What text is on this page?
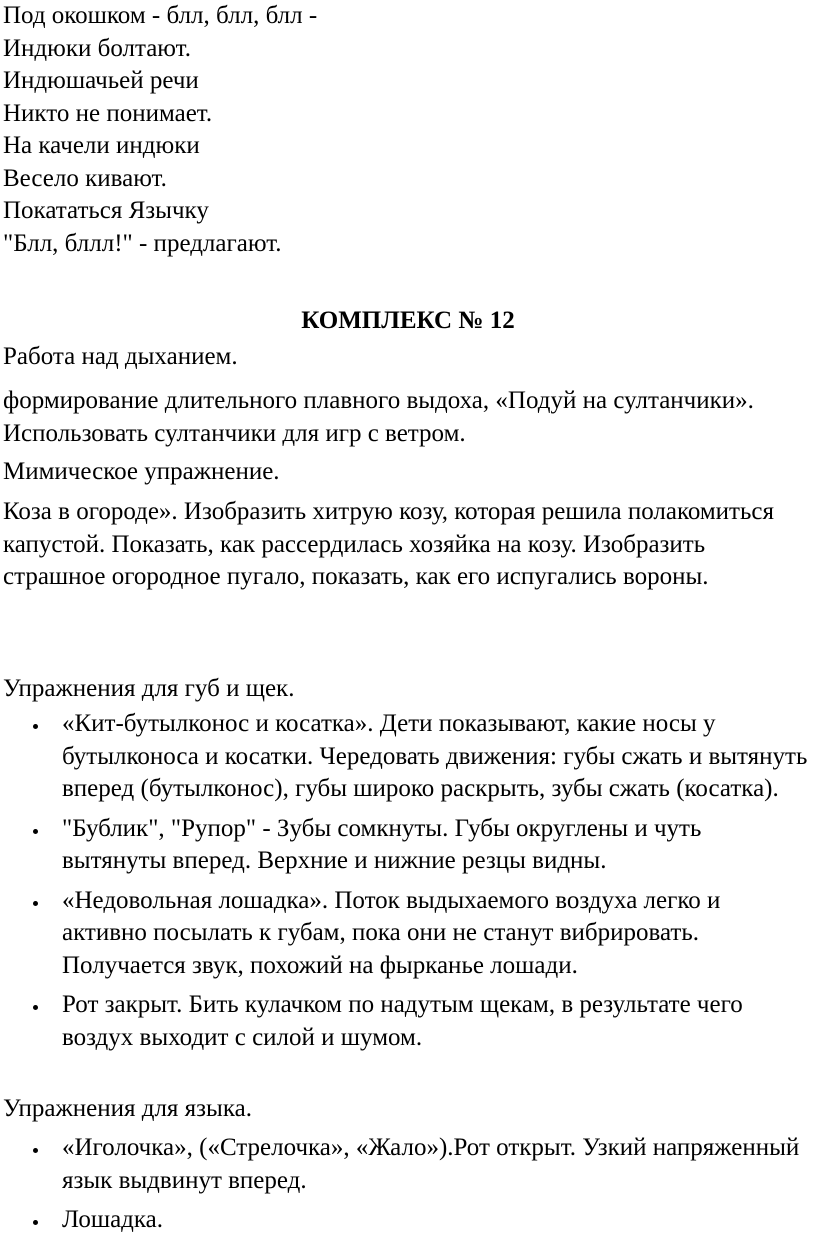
Под окошком - блл, блл, блл -
Индюки болтают.
Индюшачьей речи
Никто не понимает.
На качели индюки
Весело кивают.
Покататься Язычку
"Блл, бллл!" - предлагают.
КОМПЛЕКС № 12

Работа над дыханием.

формирование длительного плавного выдоха, «Подуй на султанчики». Использовать султанчики для игр с ветром.

Мимическое упражнение.

Коза в огороде». Изобразить хитрую козу, которая решила полакомиться капустой. Показать, как рассердилась хозяйка на козу. Изобразить страшное огородное пугало, показать, как его испугались вороны.

Упражнения для губ и щек.

«Кит-бутылконос и косатка». Дети показывают, какие носы у бутылконоса и косатки. Чередовать движения: губы сжать и вытянуть вперед (бутылконос), губы широко раскрыть, зубы сжать (косатка).
"Бублик", "Рупор" - Зубы сомкнуты. Губы округлены и чуть вытянуты вперед. Верхние и нижние резцы видны.
«Недовольная лошадка». Поток выдыхаемого воздуха легко и активно посылать к губам, пока они не станут вибрировать. Получается звук, похожий на фырканье лошади.
Рот закрыт. Бить кулачком по надутым щекам, в результате чего воздух выходит с силой и шумом.

Упражнения для языка.

«Иголочка», («Стрелочка», «Жало»).Рот открыт. Узкий напряженный язык выдвинут вперед.
Лошадка.
